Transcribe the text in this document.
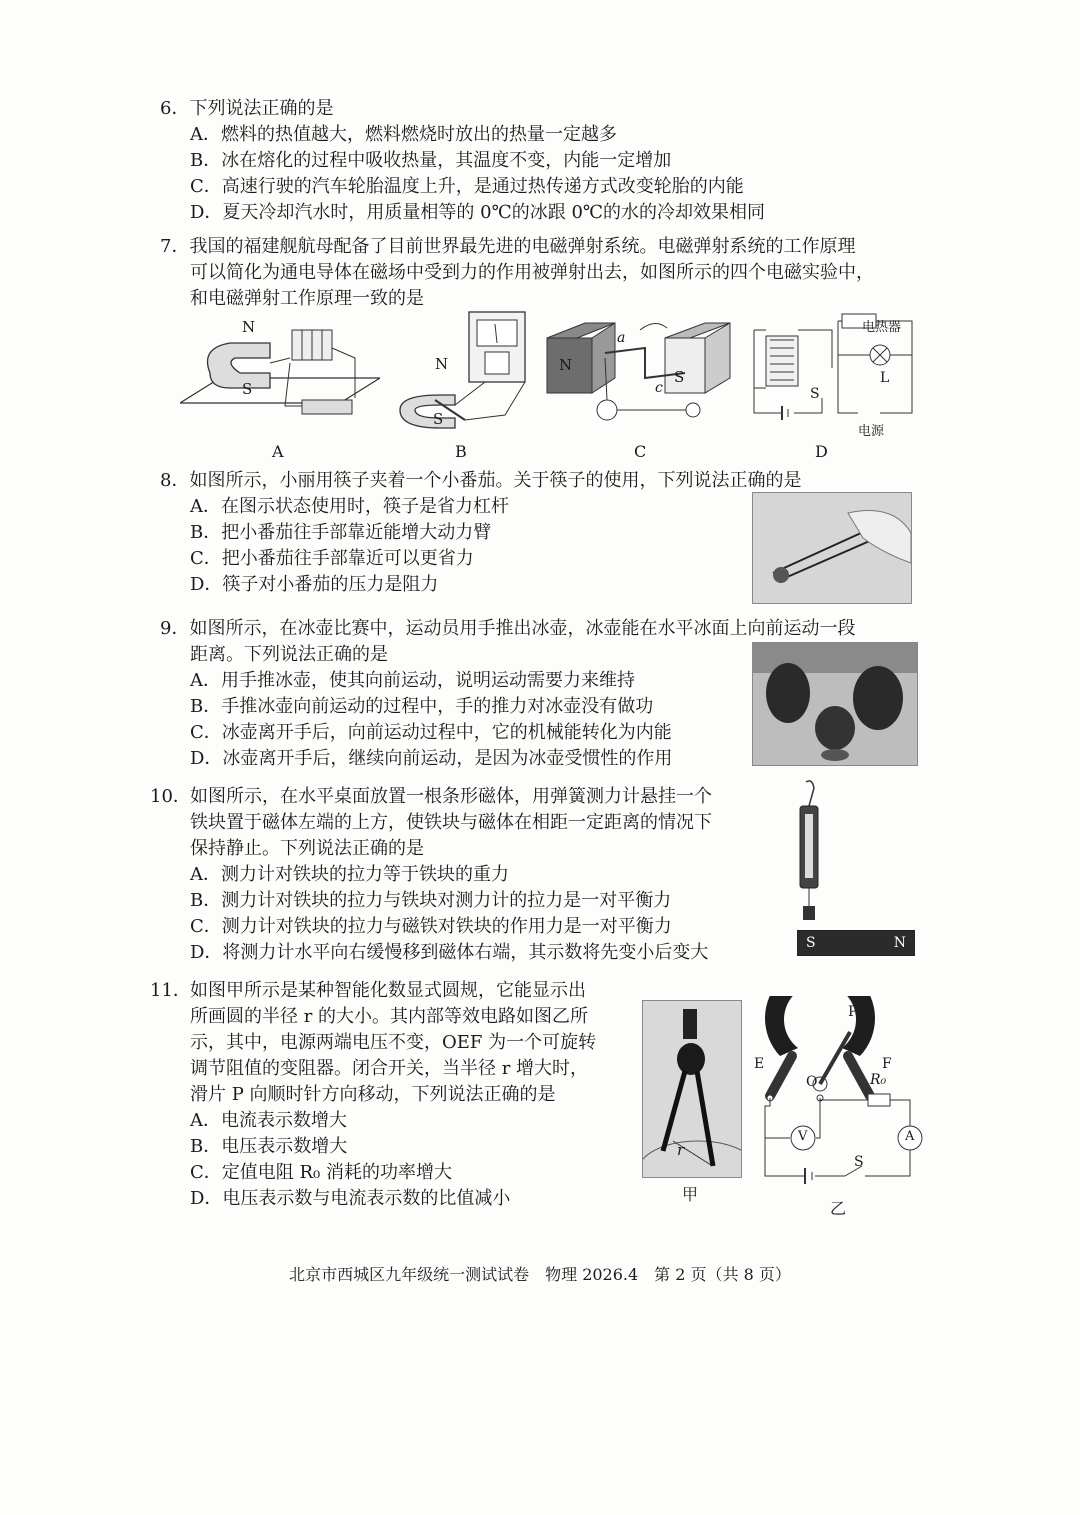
6．下列说法正确的是
A．燃料的热值越大，燃料燃烧时放出的热量一定越多
B．冰在熔化的过程中吸收热量，其温度不变，内能一定增加
C．高速行驶的汽车轮胎温度上升，是通过热传递方式改变轮胎的内能
D．夏天冷却汽水时，用质量相等的 0℃的冰跟 0℃的水的冷却效果相同
7．我国的福建舰航母配备了目前世界最先进的电磁弹射系统。电磁弹射系统的工作原理
可以简化为通电导体在磁场中受到力的作用被弹射出去，如图所示的四个电磁实验中，
和电磁弹射工作原理一致的是
N
S
N
S
N
S
a
c
电热器
L
S
电源
A	B	C	D
8．如图所示，小丽用筷子夹着一个小番茄。关于筷子的使用，下列说法正确的是
A．在图示状态使用时，筷子是省力杠杆
B．把小番茄往手部靠近能增大动力臂
C．把小番茄往手部靠近可以更省力
D．筷子对小番茄的压力是阻力
9．如图所示，在冰壶比赛中，运动员用手推出冰壶，冰壶能在水平冰面上向前运动一段
距离。下列说法正确的是
A．用手推冰壶，使其向前运动，说明运动需要力来维持
B．手推冰壶向前运动的过程中，手的推力对冰壶没有做功
C．冰壶离开手后，向前运动过程中，它的机械能转化为内能
D．冰壶离开手后，继续向前运动，是因为冰壶受惯性的作用
10．如图所示，在水平桌面放置一根条形磁体，用弹簧测力计悬挂一个
铁块置于磁体左端的上方，使铁块与磁体在相距一定距离的情况下
保持静止。下列说法正确的是
A．测力计对铁块的拉力等于铁块的重力
B．测力计对铁块的拉力与铁块对测力计的拉力是一对平衡力
C．测力计对铁块的拉力与磁铁对铁块的作用力是一对平衡力
D．将测力计水平向右缓慢移到磁体右端，其示数将先变小后变大	S	N
11．如图甲所示是某种智能化数显式圆规，它能显示出
所画圆的半径 r 的大小。其内部等效电路如图乙所
示，其中，电源两端电压不变，OEF 为一个可旋转
调节阻值的变阻器。闭合开关，当半径 r 增大时，
滑片 P 向顺时针方向移动，下列说法正确的是
A．电流表示数增大
B．电压表示数增大
C．定值电阻 R₀ 消耗的功率增大
D．电压表示数与电流表示数的比值减小
r
甲
P
E	F
O	R₀
V	A
S
乙
北京市西城区九年级统一测试试卷　物理 2026.4　第 2 页（共 8 页）
